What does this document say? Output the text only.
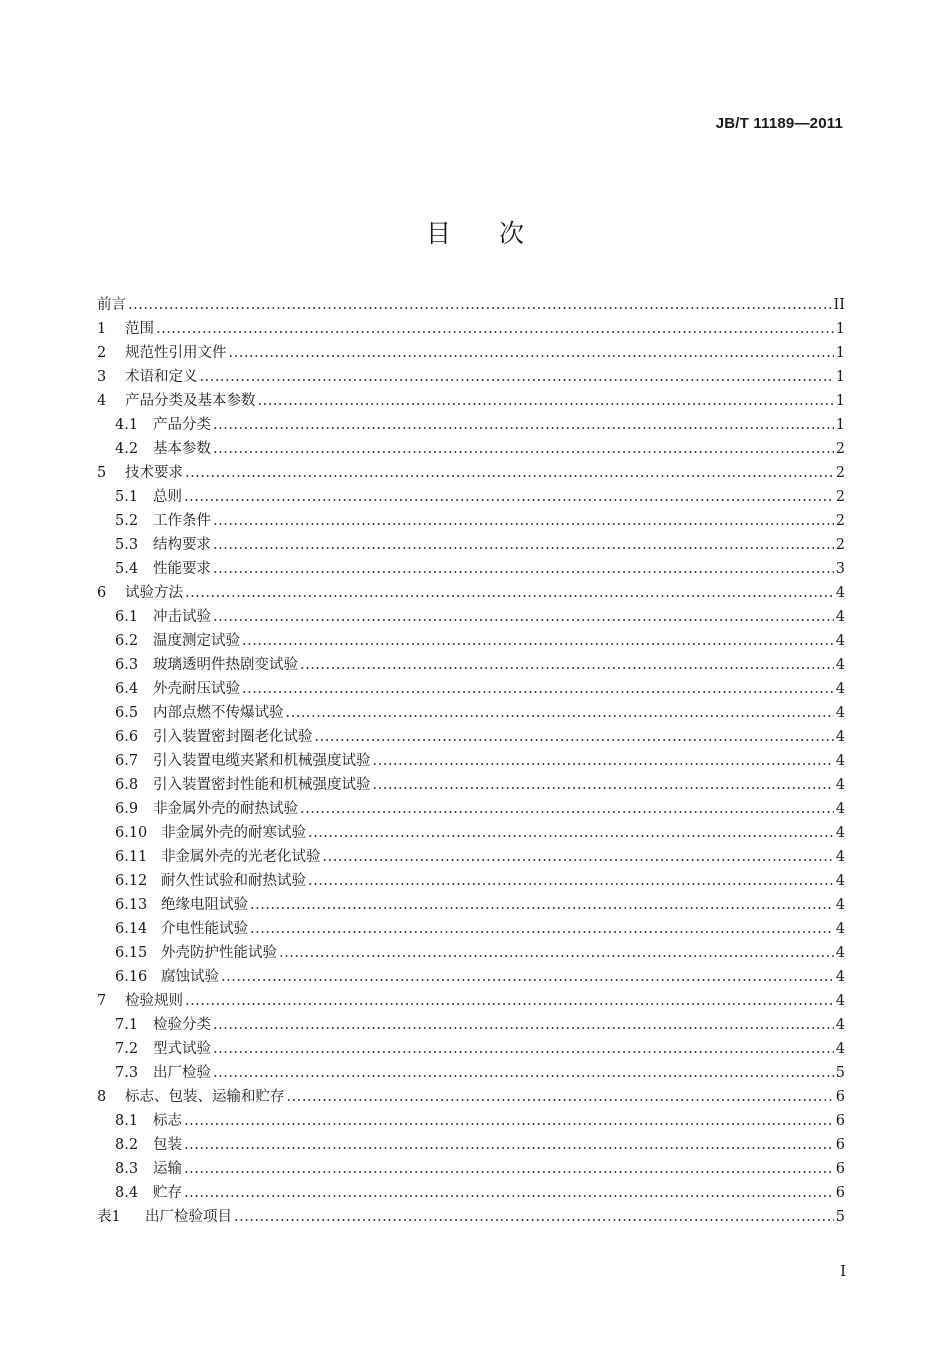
JB/T 11189—2011
目次
前言 .....	II
1	范围 .....	1
2	规范性引用文件 .....	1
3	术语和定义 .....	1
4	产品分类及基本参数 .....	1
4.1	产品分类 .....	1
4.2	基本参数 .....	2
5	技术要求 .....	2
5.1	总则 .....	2
5.2	工作条件 .....	2
5.3	结构要求 .....	2
5.4	性能要求 .....	3
6	试验方法 .....	4
6.1	冲击试验 .....	4
6.2	温度测定试验 .....	4
6.3	玻璃透明件热剧变试验 .....	4
6.4	外壳耐压试验 .....	4
6.5	内部点燃不传爆试验 .....	4
6.6	引入装置密封圈老化试验 .....	4
6.7	引入装置电缆夹紧和机械强度试验 .....	4
6.8	引入装置密封性能和机械强度试验 .....	4
6.9	非金属外壳的耐热试验 .....	4
6.10 非金属外壳的耐寒试验 .....	4
6.11 非金属外壳的光老化试验 .....	4
6.12 耐久性试验和耐热试验 .....	4
6.13 绝缘电阻试验 .....	4
6.14 介电性能试验 .....	4
6.15 外壳防护性能试验 .....	4
6.16 腐蚀试验 .....	4
7	检验规则 .....	4
7.1	检验分类 .....	4
7.2	型式试验 .....	4
7.3	出厂检验 .....	5
8	标志、包装、运输和贮存 .....	6
8.1	标志 .....	6
8.2	包装 .....	6
8.3	运输 .....	6
8.4	贮存 .....	6
表1	出厂检验项目 .....	5
I
